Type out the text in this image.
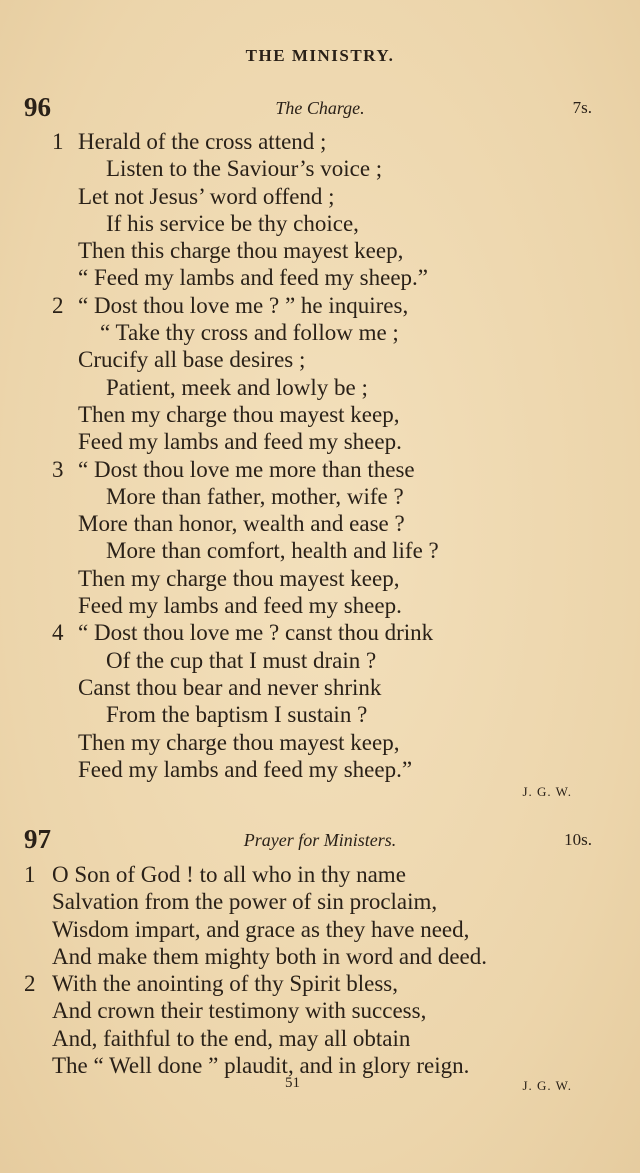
THE MINISTRY.
96	The Charge.	7s.
1 Herald of the cross attend ;
Listen to the Saviour’s voice ;
Let not Jesus’ word offend ;
If his service be thy choice,
Then this charge thou mayest keep,
“ Feed my lambs and feed my sheep.”
2 “ Dost thou love me ? ” he inquires,
“ Take thy cross and follow me ;
Crucify all base desires ;
Patient, meek and lowly be ;
Then my charge thou mayest keep,
Feed my lambs and feed my sheep.
3 “ Dost thou love me more than these
More than father, mother, wife ?
More than honor, wealth and ease ?
More than comfort, health and life ?
Then my charge thou mayest keep,
Feed my lambs and feed my sheep.
4 “ Dost thou love me ? canst thou drink
Of the cup that I must drain ?
Canst thou bear and never shrink
From the baptism I sustain ?
Then my charge thou mayest keep,
Feed my lambs and feed my sheep.”
J. G. W.
97	Prayer for Ministers.	10s.
1 O Son of God ! to all who in thy name
Salvation from the power of sin proclaim,
Wisdom impart, and grace as they have need,
And make them mighty both in word and deed.
2 With the anointing of thy Spirit bless,
And crown their testimony with success,
And, faithful to the end, may all obtain
The “ Well done ” plaudit, and in glory reign.
51	J. G. W.
